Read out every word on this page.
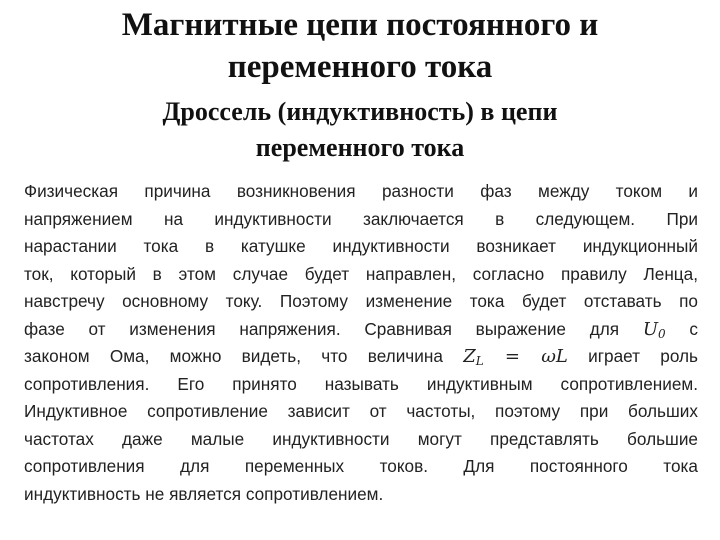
Магнитные цепи постоянного и
переменного тока
Дроссель (индуктивность) в цепи
переменного тока
Физическая причина возникновения разности фаз между током и
напряжением на индуктивности заключается в следующем. При
нарастании тока в катушке индуктивности возникает индукционный
ток, который в этом случае будет направлен, согласно правилу Ленца,
навстречу основному току. Поэтому изменение тока будет отставать по
фазе от изменения напряжения. Сравнивая выражение для $U_0$ с
законом Ома, можно видеть, что величина $Z_L = \omega L$ играет роль
сопротивления. Его принято называть индуктивным сопротивлением.
Индуктивное сопротивление зависит от частоты, поэтому при больших
частотах даже малые индуктивности могут представлять большие
сопротивления для переменных токов. Для постоянного тока
индуктивность не является сопротивлением.
